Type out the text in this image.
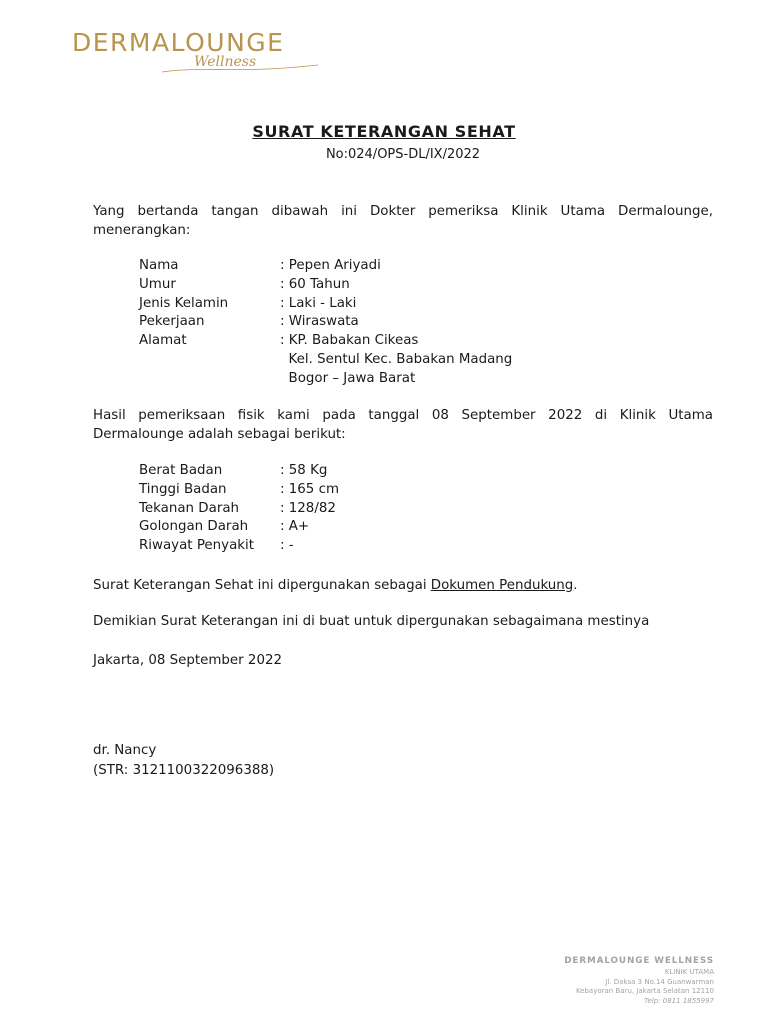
DERMALOUNGE
Wellness
SURAT KETERANGAN SEHAT
No:024/OPS-DL/IX/2022
Yang bertanda tangan dibawah ini Dokter pemeriksa Klinik Utama Dermalounge, menerangkan:
Nama	: Pepen Ariyadi
Umur	: 60 Tahun
Jenis Kelamin	: Laki - Laki
Pekerjaan	: Wiraswata
Alamat	: KP. Babakan Cikeas
Kel. Sentul Kec. Babakan Madang
Bogor – Jawa Barat
Hasil pemeriksaan fisik kami pada tanggal 08 September 2022 di Klinik Utama Dermalounge adalah sebagai berikut:
Berat Badan	: 58 Kg
Tinggi Badan	: 165 cm
Tekanan Darah	: 128/82
Golongan Darah	: A+
Riwayat Penyakit	: -
Surat Keterangan Sehat ini dipergunakan sebagai Dokumen Pendukung.
Demikian Surat Keterangan ini di buat untuk dipergunakan sebagaimana mestinya
Jakarta, 08 September 2022
dr. Nancy
(STR: 3121100322096388)
DERMALOUNGE WELLNESS
KLINIK UTAMA
Jl. Daksa 3 No.14 Guanwarman
Kebayoran Baru, Jakarta Selatan 12110
Telp: 0811 1855997
